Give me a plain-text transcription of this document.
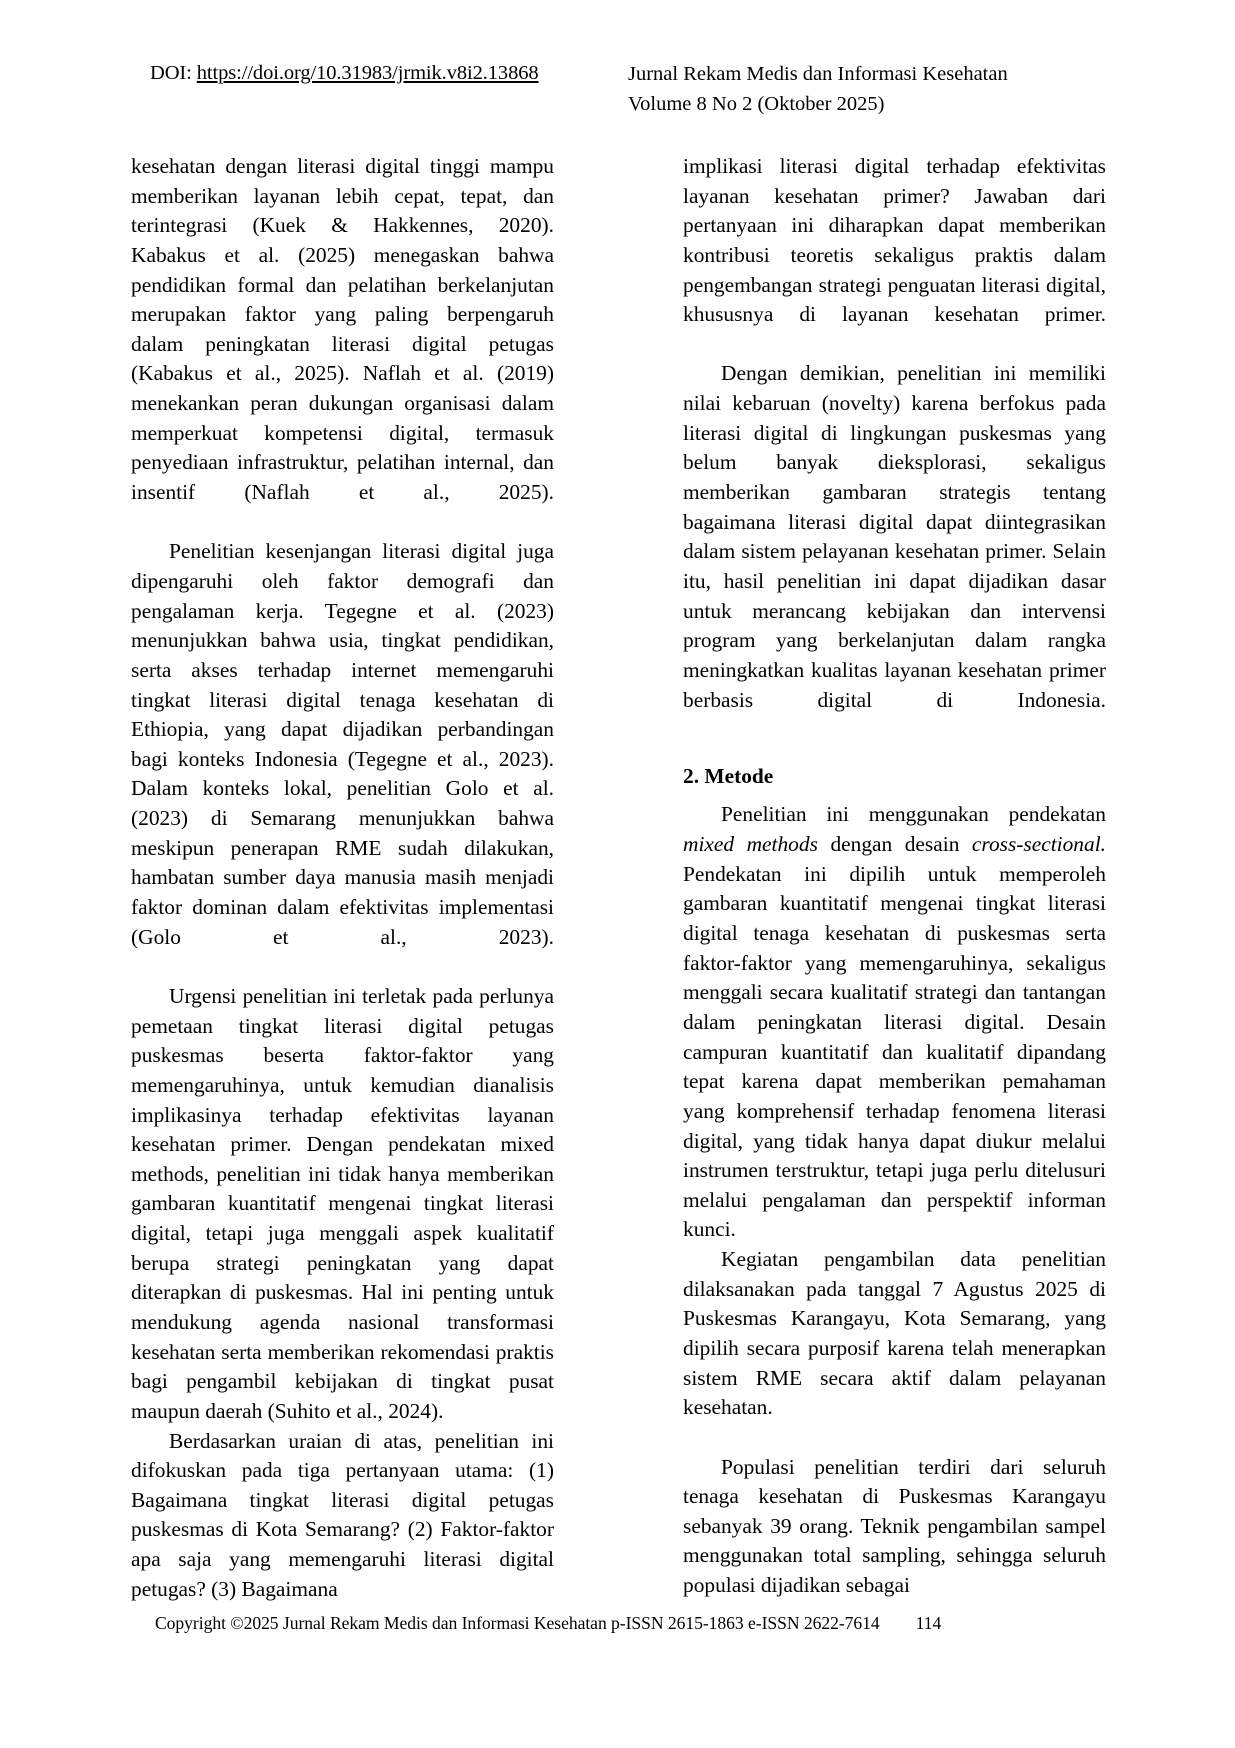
DOI: https://doi.org/10.31983/jrmik.v8i2.13868	Jurnal Rekam Medis dan Informasi Kesehatan
Volume 8 No 2 (Oktober 2025)

kesehatan dengan literasi digital tinggi mampu memberikan layanan lebih cepat, tepat, dan terintegrasi (Kuek & Hakkennes, 2020). Kabakus et al. (2025) menegaskan bahwa pendidikan formal dan pelatihan berkelanjutan merupakan faktor yang paling berpengaruh dalam peningkatan literasi digital petugas (Kabakus et al., 2025). Naflah et al. (2019) menekankan peran dukungan organisasi dalam memperkuat kompetensi digital, termasuk penyediaan infrastruktur, pelatihan internal, dan insentif (Naflah et al., 2025).

Penelitian kesenjangan literasi digital juga dipengaruhi oleh faktor demografi dan pengalaman kerja. Tegegne et al. (2023) menunjukkan bahwa usia, tingkat pendidikan, serta akses terhadap internet memengaruhi tingkat literasi digital tenaga kesehatan di Ethiopia, yang dapat dijadikan perbandingan bagi konteks Indonesia (Tegegne et al., 2023). Dalam konteks lokal, penelitian Golo et al. (2023) di Semarang menunjukkan bahwa meskipun penerapan RME sudah dilakukan, hambatan sumber daya manusia masih menjadi faktor dominan dalam efektivitas implementasi (Golo et al., 2023).

Urgensi penelitian ini terletak pada perlunya pemetaan tingkat literasi digital petugas puskesmas beserta faktor-faktor yang memengaruhinya, untuk kemudian dianalisis implikasinya terhadap efektivitas layanan kesehatan primer. Dengan pendekatan mixed methods, penelitian ini tidak hanya memberikan gambaran kuantitatif mengenai tingkat literasi digital, tetapi juga menggali aspek kualitatif berupa strategi peningkatan yang dapat diterapkan di puskesmas. Hal ini penting untuk mendukung agenda nasional transformasi kesehatan serta memberikan rekomendasi praktis bagi pengambil kebijakan di tingkat pusat maupun daerah (Suhito et al., 2024).

Berdasarkan uraian di atas, penelitian ini difokuskan pada tiga pertanyaan utama: (1) Bagaimana tingkat literasi digital petugas puskesmas di Kota Semarang? (2) Faktor-faktor apa saja yang memengaruhi literasi digital petugas? (3) Bagaimana

implikasi literasi digital terhadap efektivitas layanan kesehatan primer? Jawaban dari pertanyaan ini diharapkan dapat memberikan kontribusi teoretis sekaligus praktis dalam pengembangan strategi penguatan literasi digital, khususnya di layanan kesehatan primer.

Dengan demikian, penelitian ini memiliki nilai kebaruan (novelty) karena berfokus pada literasi digital di lingkungan puskesmas yang belum banyak dieksplorasi, sekaligus memberikan gambaran strategis tentang bagaimana literasi digital dapat diintegrasikan dalam sistem pelayanan kesehatan primer. Selain itu, hasil penelitian ini dapat dijadikan dasar untuk merancang kebijakan dan intervensi program yang berkelanjutan dalam rangka meningkatkan kualitas layanan kesehatan primer berbasis digital di Indonesia.

2. Metode

Penelitian ini menggunakan pendekatan mixed methods dengan desain cross-sectional. Pendekatan ini dipilih untuk memperoleh gambaran kuantitatif mengenai tingkat literasi digital tenaga kesehatan di puskesmas serta faktor-faktor yang memengaruhinya, sekaligus menggali secara kualitatif strategi dan tantangan dalam peningkatan literasi digital. Desain campuran kuantitatif dan kualitatif dipandang tepat karena dapat memberikan pemahaman yang komprehensif terhadap fenomena literasi digital, yang tidak hanya dapat diukur melalui instrumen terstruktur, tetapi juga perlu ditelusuri melalui pengalaman dan perspektif informan kunci.

Kegiatan pengambilan data penelitian dilaksanakan pada tanggal 7 Agustus 2025 di Puskesmas Karangayu, Kota Semarang, yang dipilih secara purposif karena telah menerapkan sistem RME secara aktif dalam pelayanan kesehatan.

Populasi penelitian terdiri dari seluruh tenaga kesehatan di Puskesmas Karangayu sebanyak 39 orang. Teknik pengambilan sampel menggunakan total sampling, sehingga seluruh populasi dijadikan sebagai

Copyright ©2025 Jurnal Rekam Medis dan Informasi Kesehatan p-ISSN 2615-1863 e-ISSN 2622-7614 114
